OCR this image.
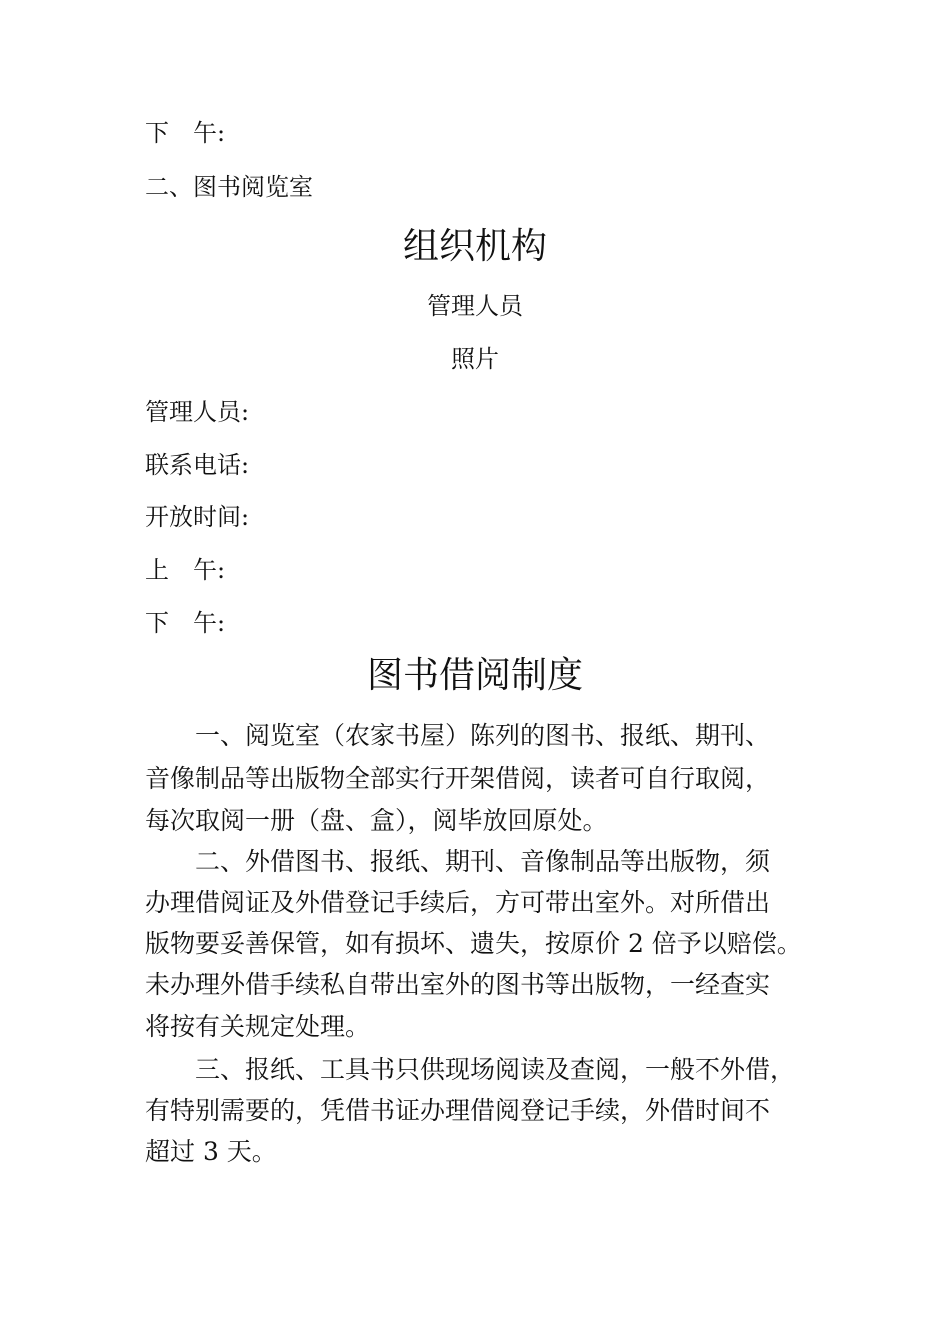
下　午:
二、图书阅览室
组织机构
管理人员
照片
管理人员:
联系电话:
开放时间:
上　午:
下　午:
图书借阅制度
一、阅览室（农家书屋）陈列的图书、报纸、期刊、
音像制品等出版物全部实行开架借阅，读者可自行取阅，
每次取阅一册（盘、盒），阅毕放回原处。
二、外借图书、报纸、期刊、音像制品等出版物，须
办理借阅证及外借登记手续后，方可带出室外。对所借出
版物要妥善保管，如有损坏、遗失，按原价 2 倍予以赔偿。
未办理外借手续私自带出室外的图书等出版物，一经查实
将按有关规定处理。
三、报纸、工具书只供现场阅读及查阅，一般不外借，
有特别需要的，凭借书证办理借阅登记手续，外借时间不
超过 3 天。
